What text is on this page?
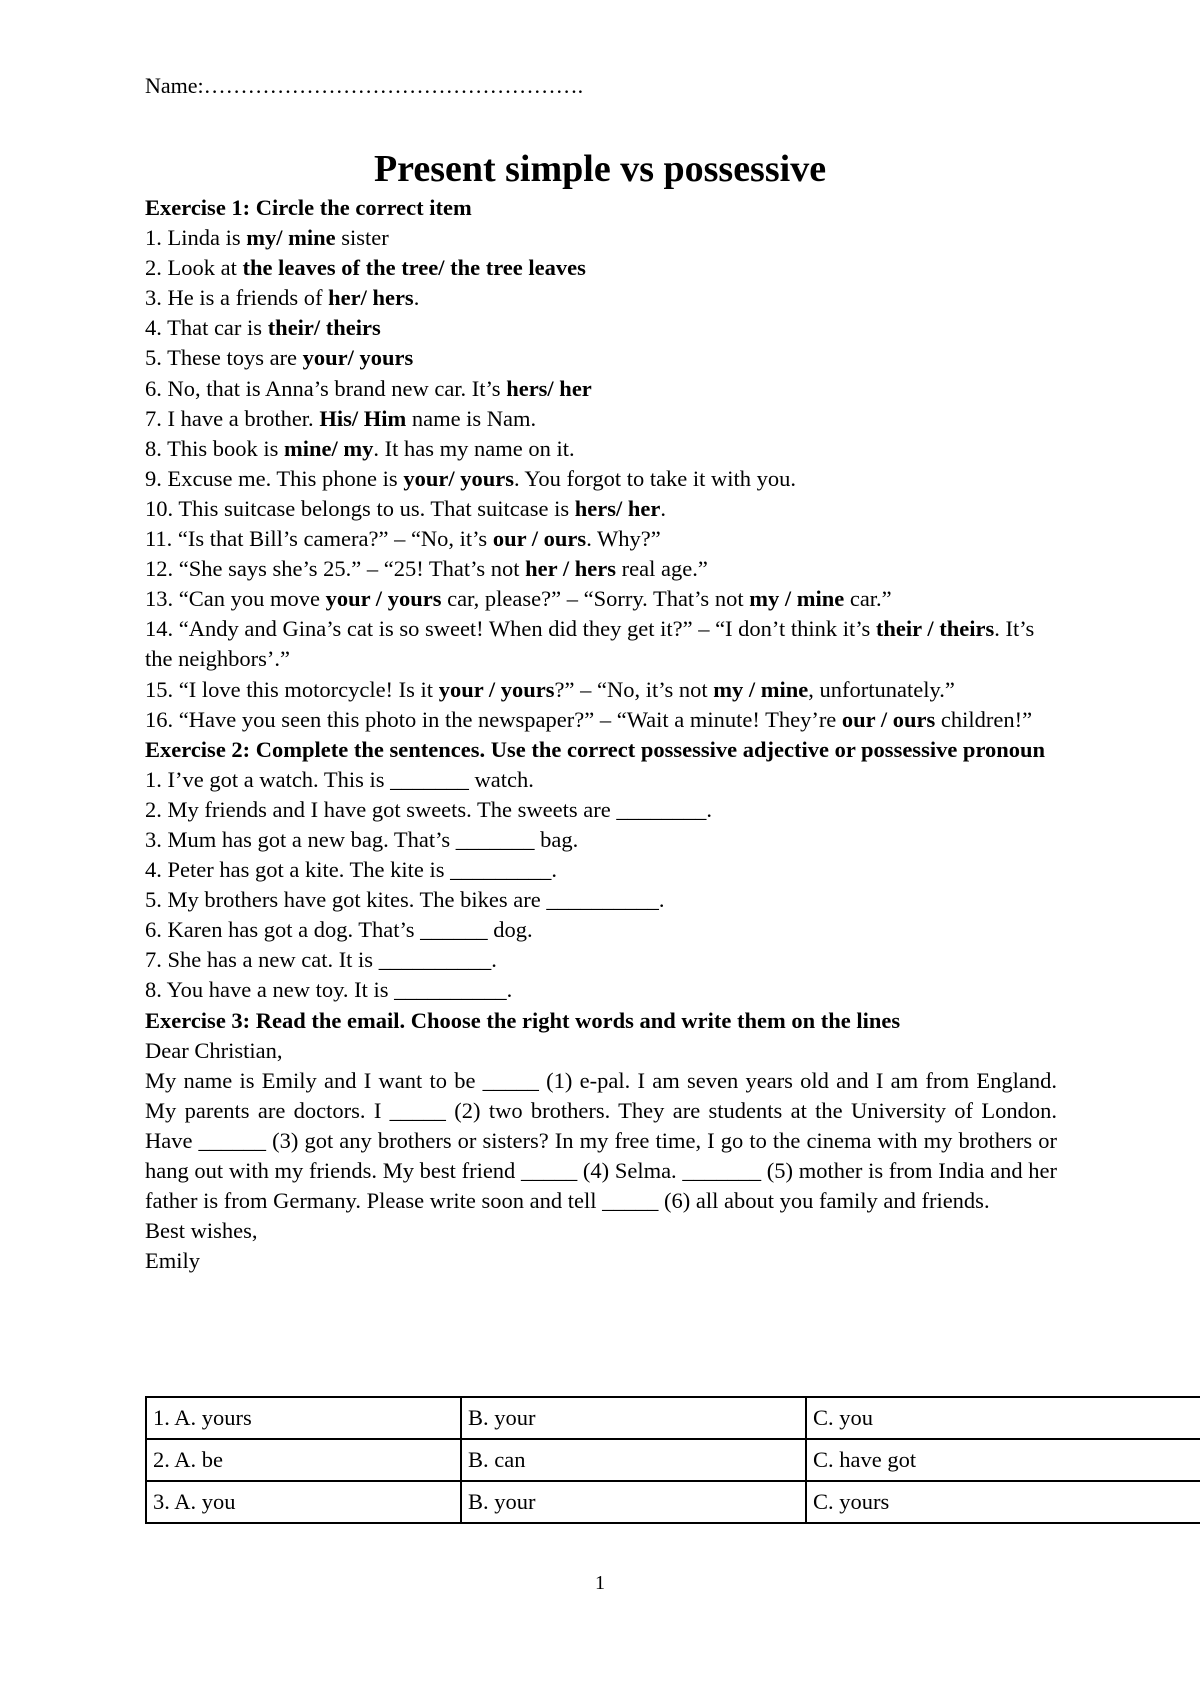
Name:…………………………………………….
Present simple vs possessive
Exercise 1: Circle the correct item
1. Linda is my/ mine sister
2. Look at the leaves of the tree/ the tree leaves
3. He is a friends of her/ hers.
4. That car is their/ theirs
5. These toys are your/ yours
6. No, that is Anna’s brand new car. It’s hers/ her
7. I have a brother. His/ Him name is Nam.
8. This book is mine/ my. It has my name on it.
9. Excuse me. This phone is your/ yours. You forgot to take it with you.
10. This suitcase belongs to us. That suitcase is hers/ her.
11. “Is that Bill’s camera?” – “No, it’s our / ours. Why?”
12. “She says she’s 25.” – “25! That’s not her / hers real age.”
13. “Can you move your / yours car, please?” – “Sorry. That’s not my / mine car.”
14. “Andy and Gina’s cat is so sweet! When did they get it?” – “I don’t think it’s their / theirs. It’s the neighbors’.”
15. “I love this motorcycle! Is it your / yours?” – “No, it’s not my / mine, unfortunately.”
16. “Have you seen this photo in the newspaper?” – “Wait a minute! They’re our / ours children!”
Exercise 2: Complete the sentences. Use the correct possessive adjective or possessive pronoun
1. I’ve got a watch. This is _______ watch.
2. My friends and I have got sweets. The sweets are ________.
3. Mum has got a new bag. That’s _______ bag.
4. Peter has got a kite. The kite is _________.
5. My brothers have got kites. The bikes are __________.
6. Karen has got a dog. That’s ______ dog.
7. She has a new cat. It is __________.
8. You have a new toy. It is __________.
Exercise 3: Read the email. Choose the right words and write them on the lines
Dear Christian,
My name is Emily and I want to be _____ (1) e-pal. I am seven years old and I am from England. My parents are doctors. I _____ (2) two brothers. They are students at the University of London. Have ______ (3) got any brothers or sisters? In my free time, I go to the cinema with my brothers or hang out with my friends. My best friend _____ (4) Selma. _______ (5) mother is from India and her father is from Germany. Please write soon and tell _____ (6) all about you family and friends.
Best wishes,
Emily
1. A. yours	B. your	C. you
2. A. be	B. can	C. have got
3. A. you	B. your	C. yours
1
